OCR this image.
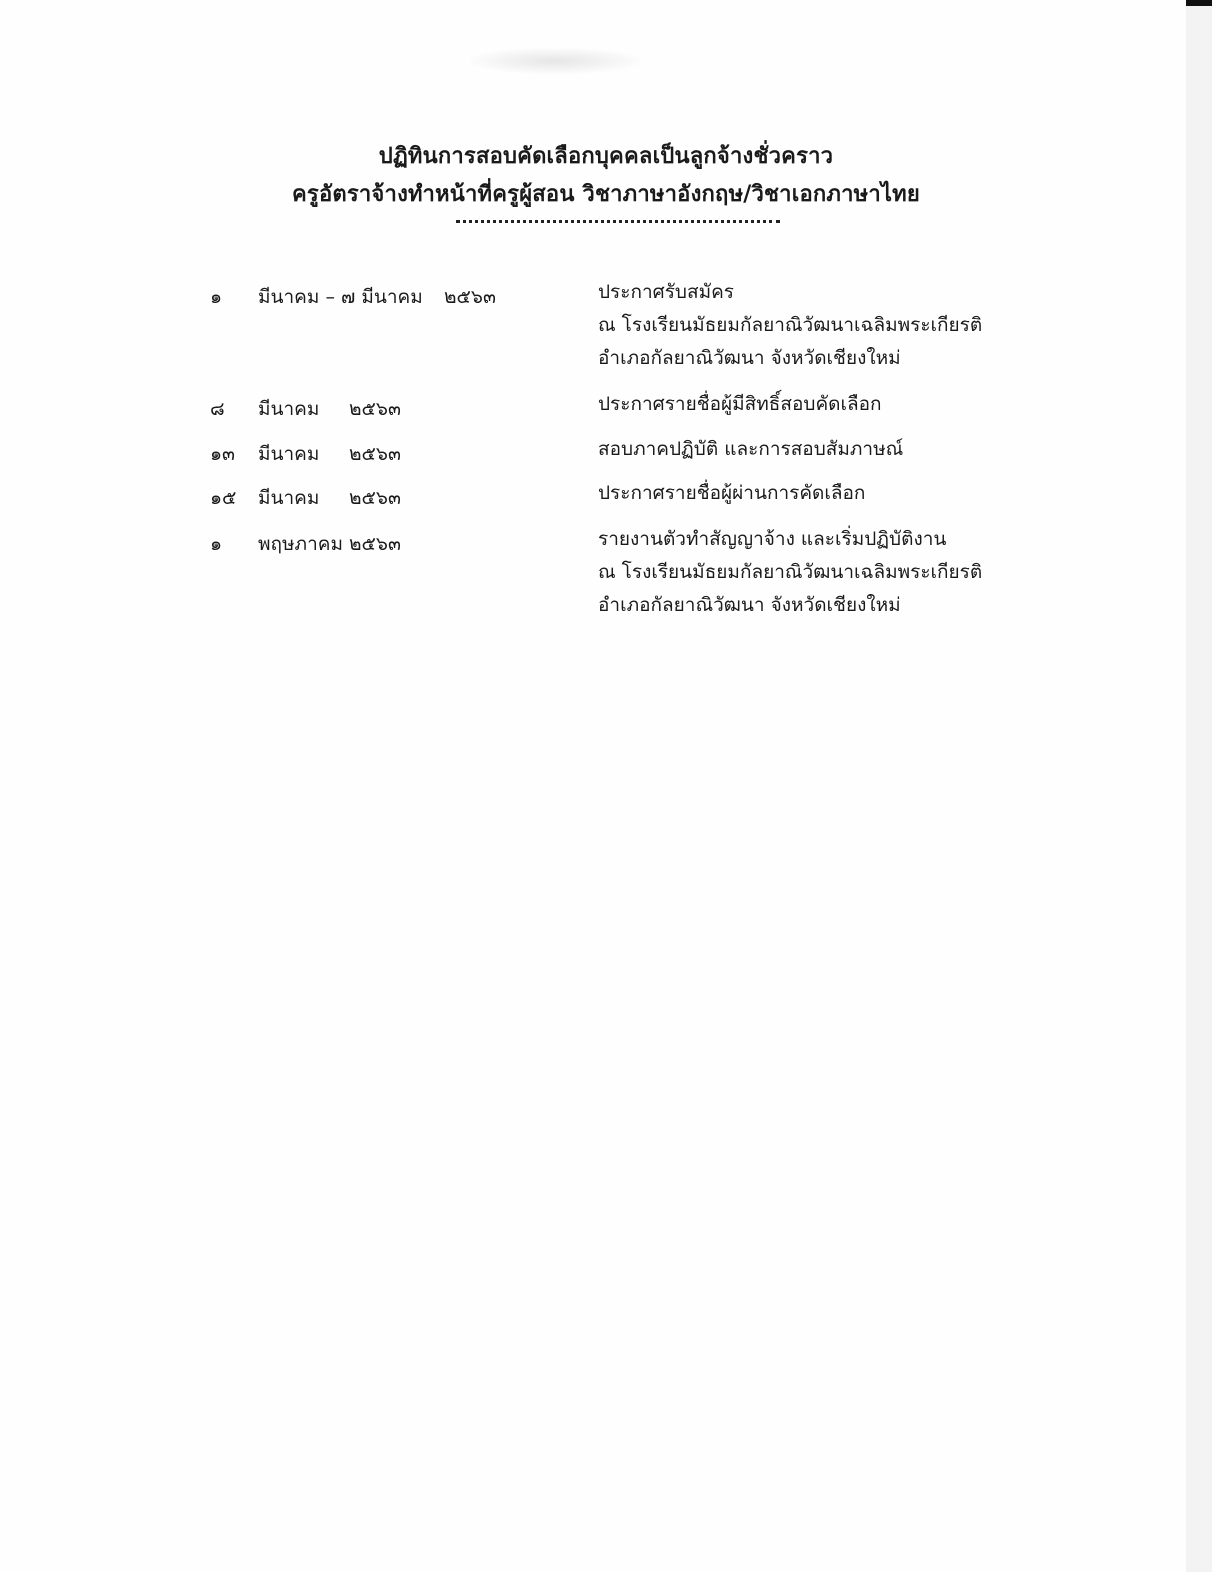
ปฏิทินการสอบคัดเลือกบุคคลเป็นลูกจ้างชั่วคราว
ครูอัตราจ้างทำหน้าที่ครูผู้สอน วิชาภาษาอังกฤษ/วิชาเอกภาษาไทย
๑ มีนาคม – ๗ มีนาคม ๒๕๖๓	ประกาศรับสมัคร
ณ โรงเรียนมัธยมกัลยาณิวัฒนาเฉลิมพระเกียรติ
อำเภอกัลยาณิวัฒนา จังหวัดเชียงใหม่
๘ มีนาคม ๒๕๖๓	ประกาศรายชื่อผู้มีสิทธิ์สอบคัดเลือก
๑๓ มีนาคม ๒๕๖๓	สอบภาคปฏิบัติ และการสอบสัมภาษณ์
๑๕ มีนาคม ๒๕๖๓	ประกาศรายชื่อผู้ผ่านการคัดเลือก
๑ พฤษภาคม ๒๕๖๓	รายงานตัวทำสัญญาจ้าง และเริ่มปฏิบัติงาน
ณ โรงเรียนมัธยมกัลยาณิวัฒนาเฉลิมพระเกียรติ
อำเภอกัลยาณิวัฒนา จังหวัดเชียงใหม่
